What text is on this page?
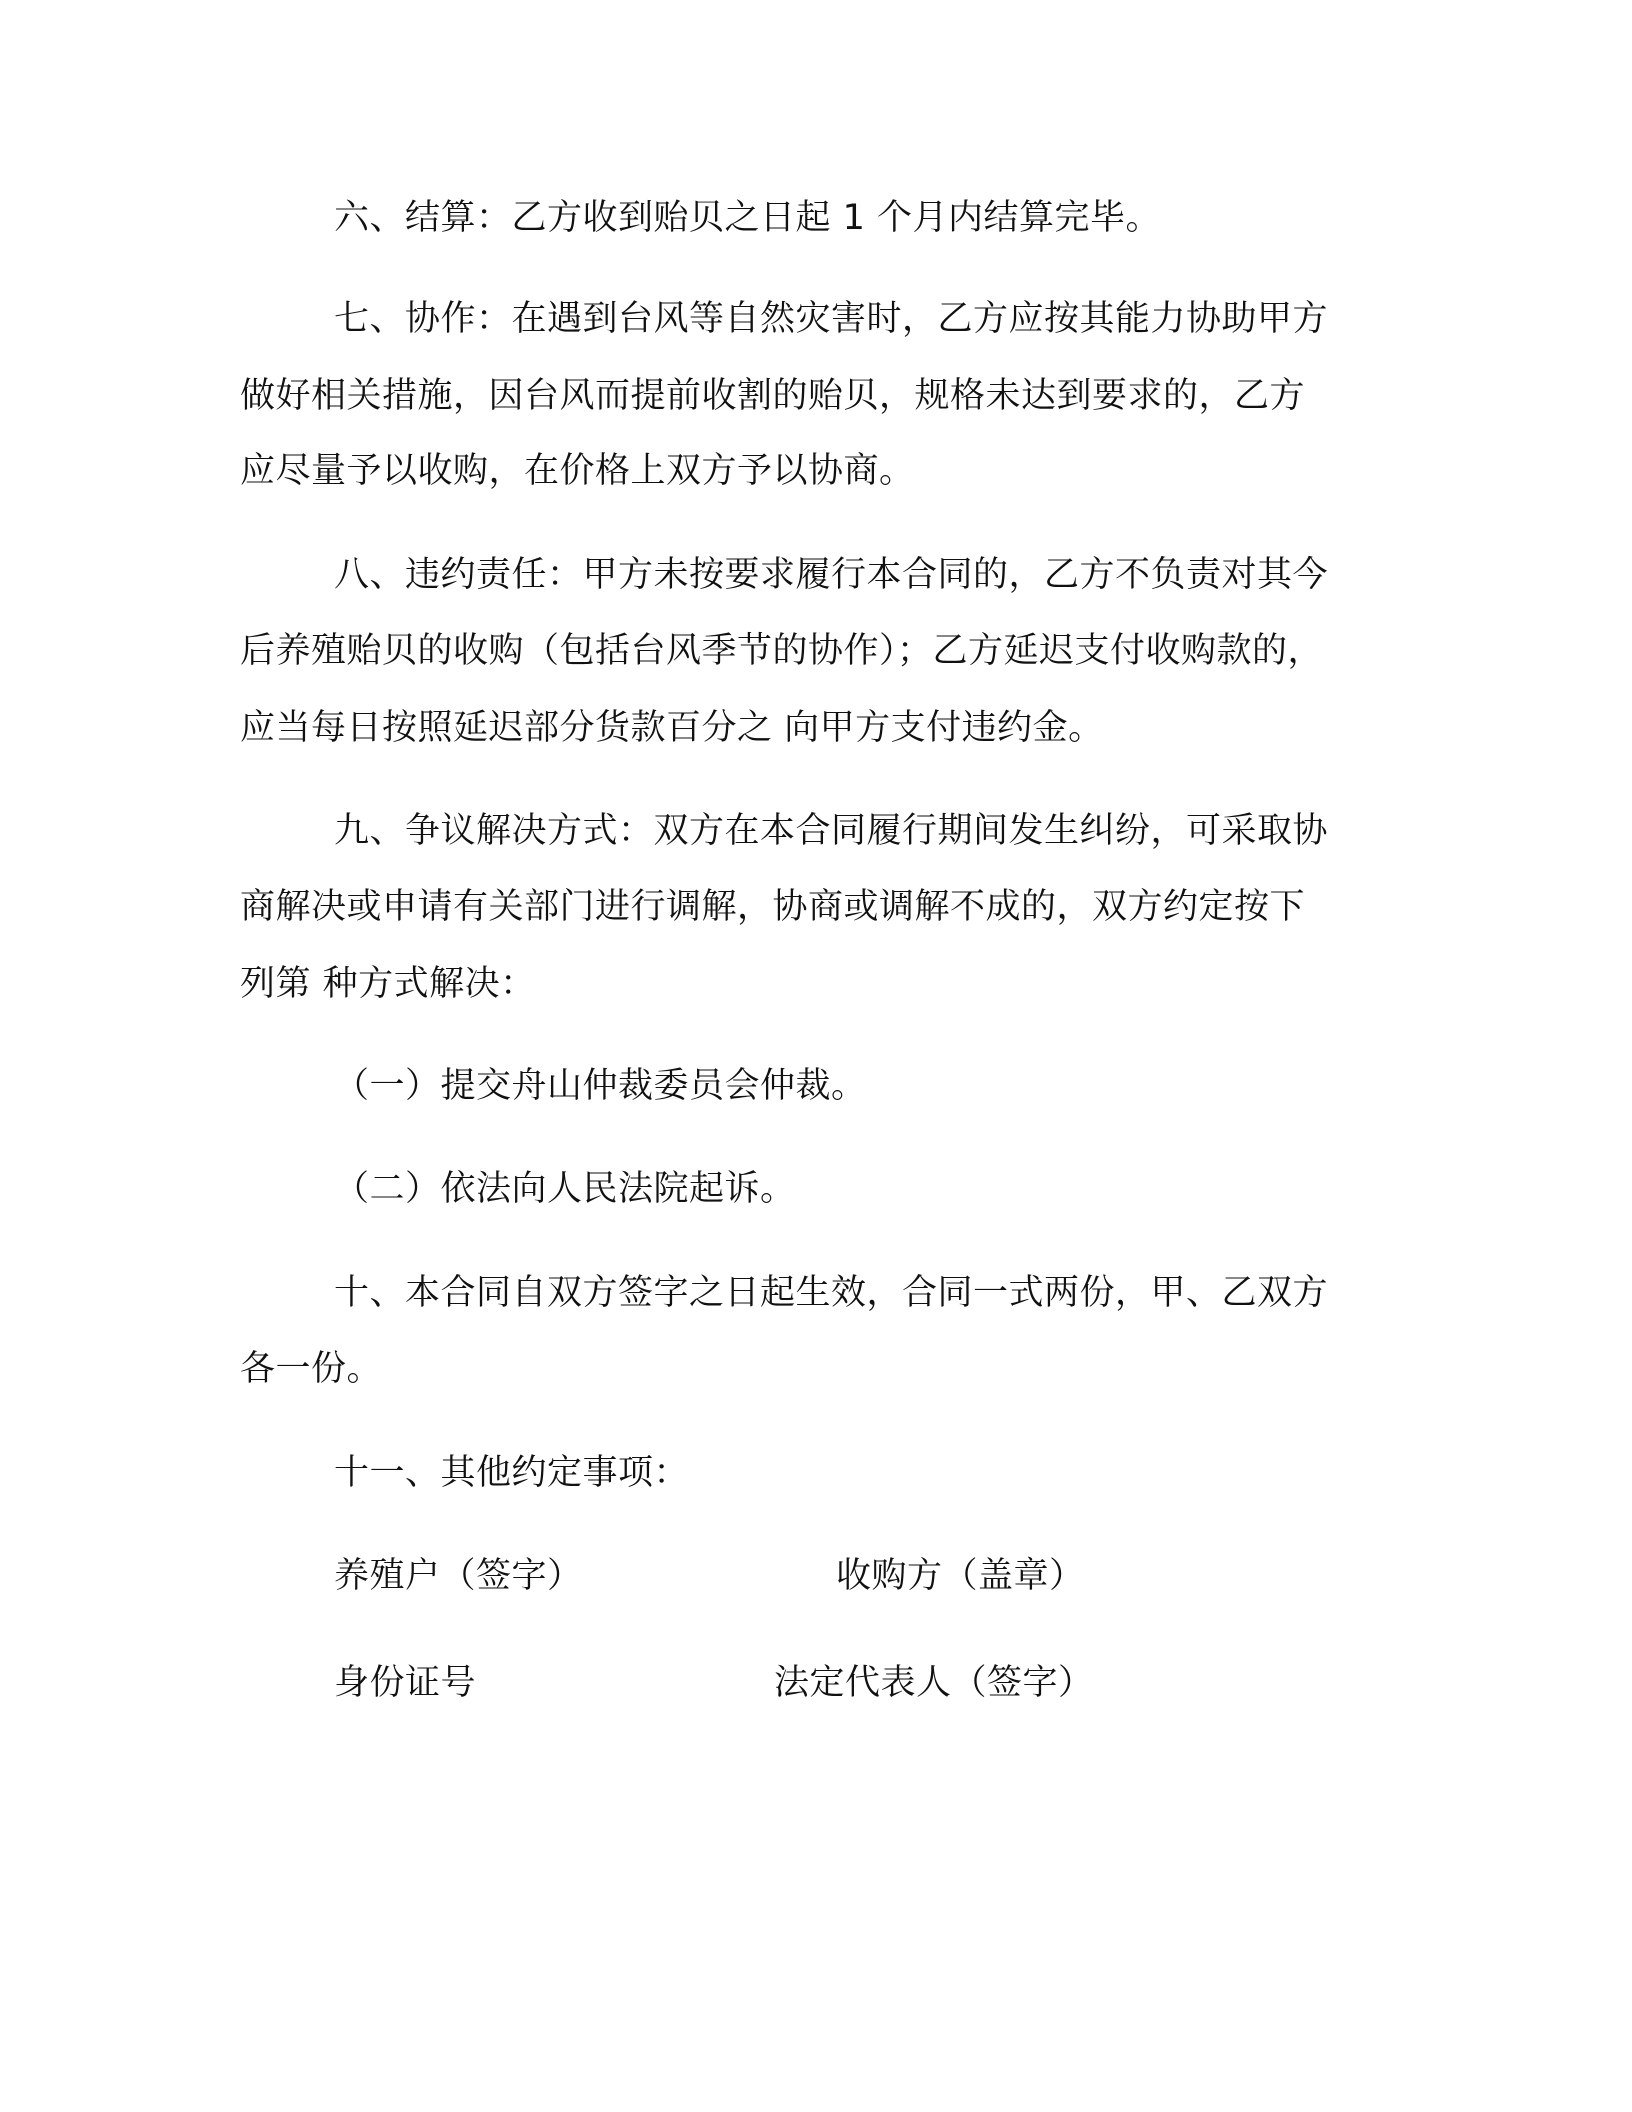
六、结算：乙方收到贻贝之日起 1 个月内结算完毕。
七、协作：在遇到台风等自然灾害时，乙方应按其能力协助甲方
做好相关措施，因台风而提前收割的贻贝，规格未达到要求的，乙方
应尽量予以收购，在价格上双方予以协商。
八、违约责任：甲方未按要求履行本合同的，乙方不负责对其今
后养殖贻贝的收购（包括台风季节的协作）；乙方延迟支付收购款的，
应当每日按照延迟部分货款百分之 向甲方支付违约金。
九、争议解决方式：双方在本合同履行期间发生纠纷，可采取协
商解决或申请有关部门进行调解，协商或调解不成的，双方约定按下
列第 种方式解决：
（一）提交舟山仲裁委员会仲裁。
（二）依法向人民法院起诉。
十、本合同自双方签字之日起生效，合同一式两份，甲、乙双方
各一份。
十一、其他约定事项：
养殖户（签字）	收购方（盖章）
身份证号	法定代表人（签字）
